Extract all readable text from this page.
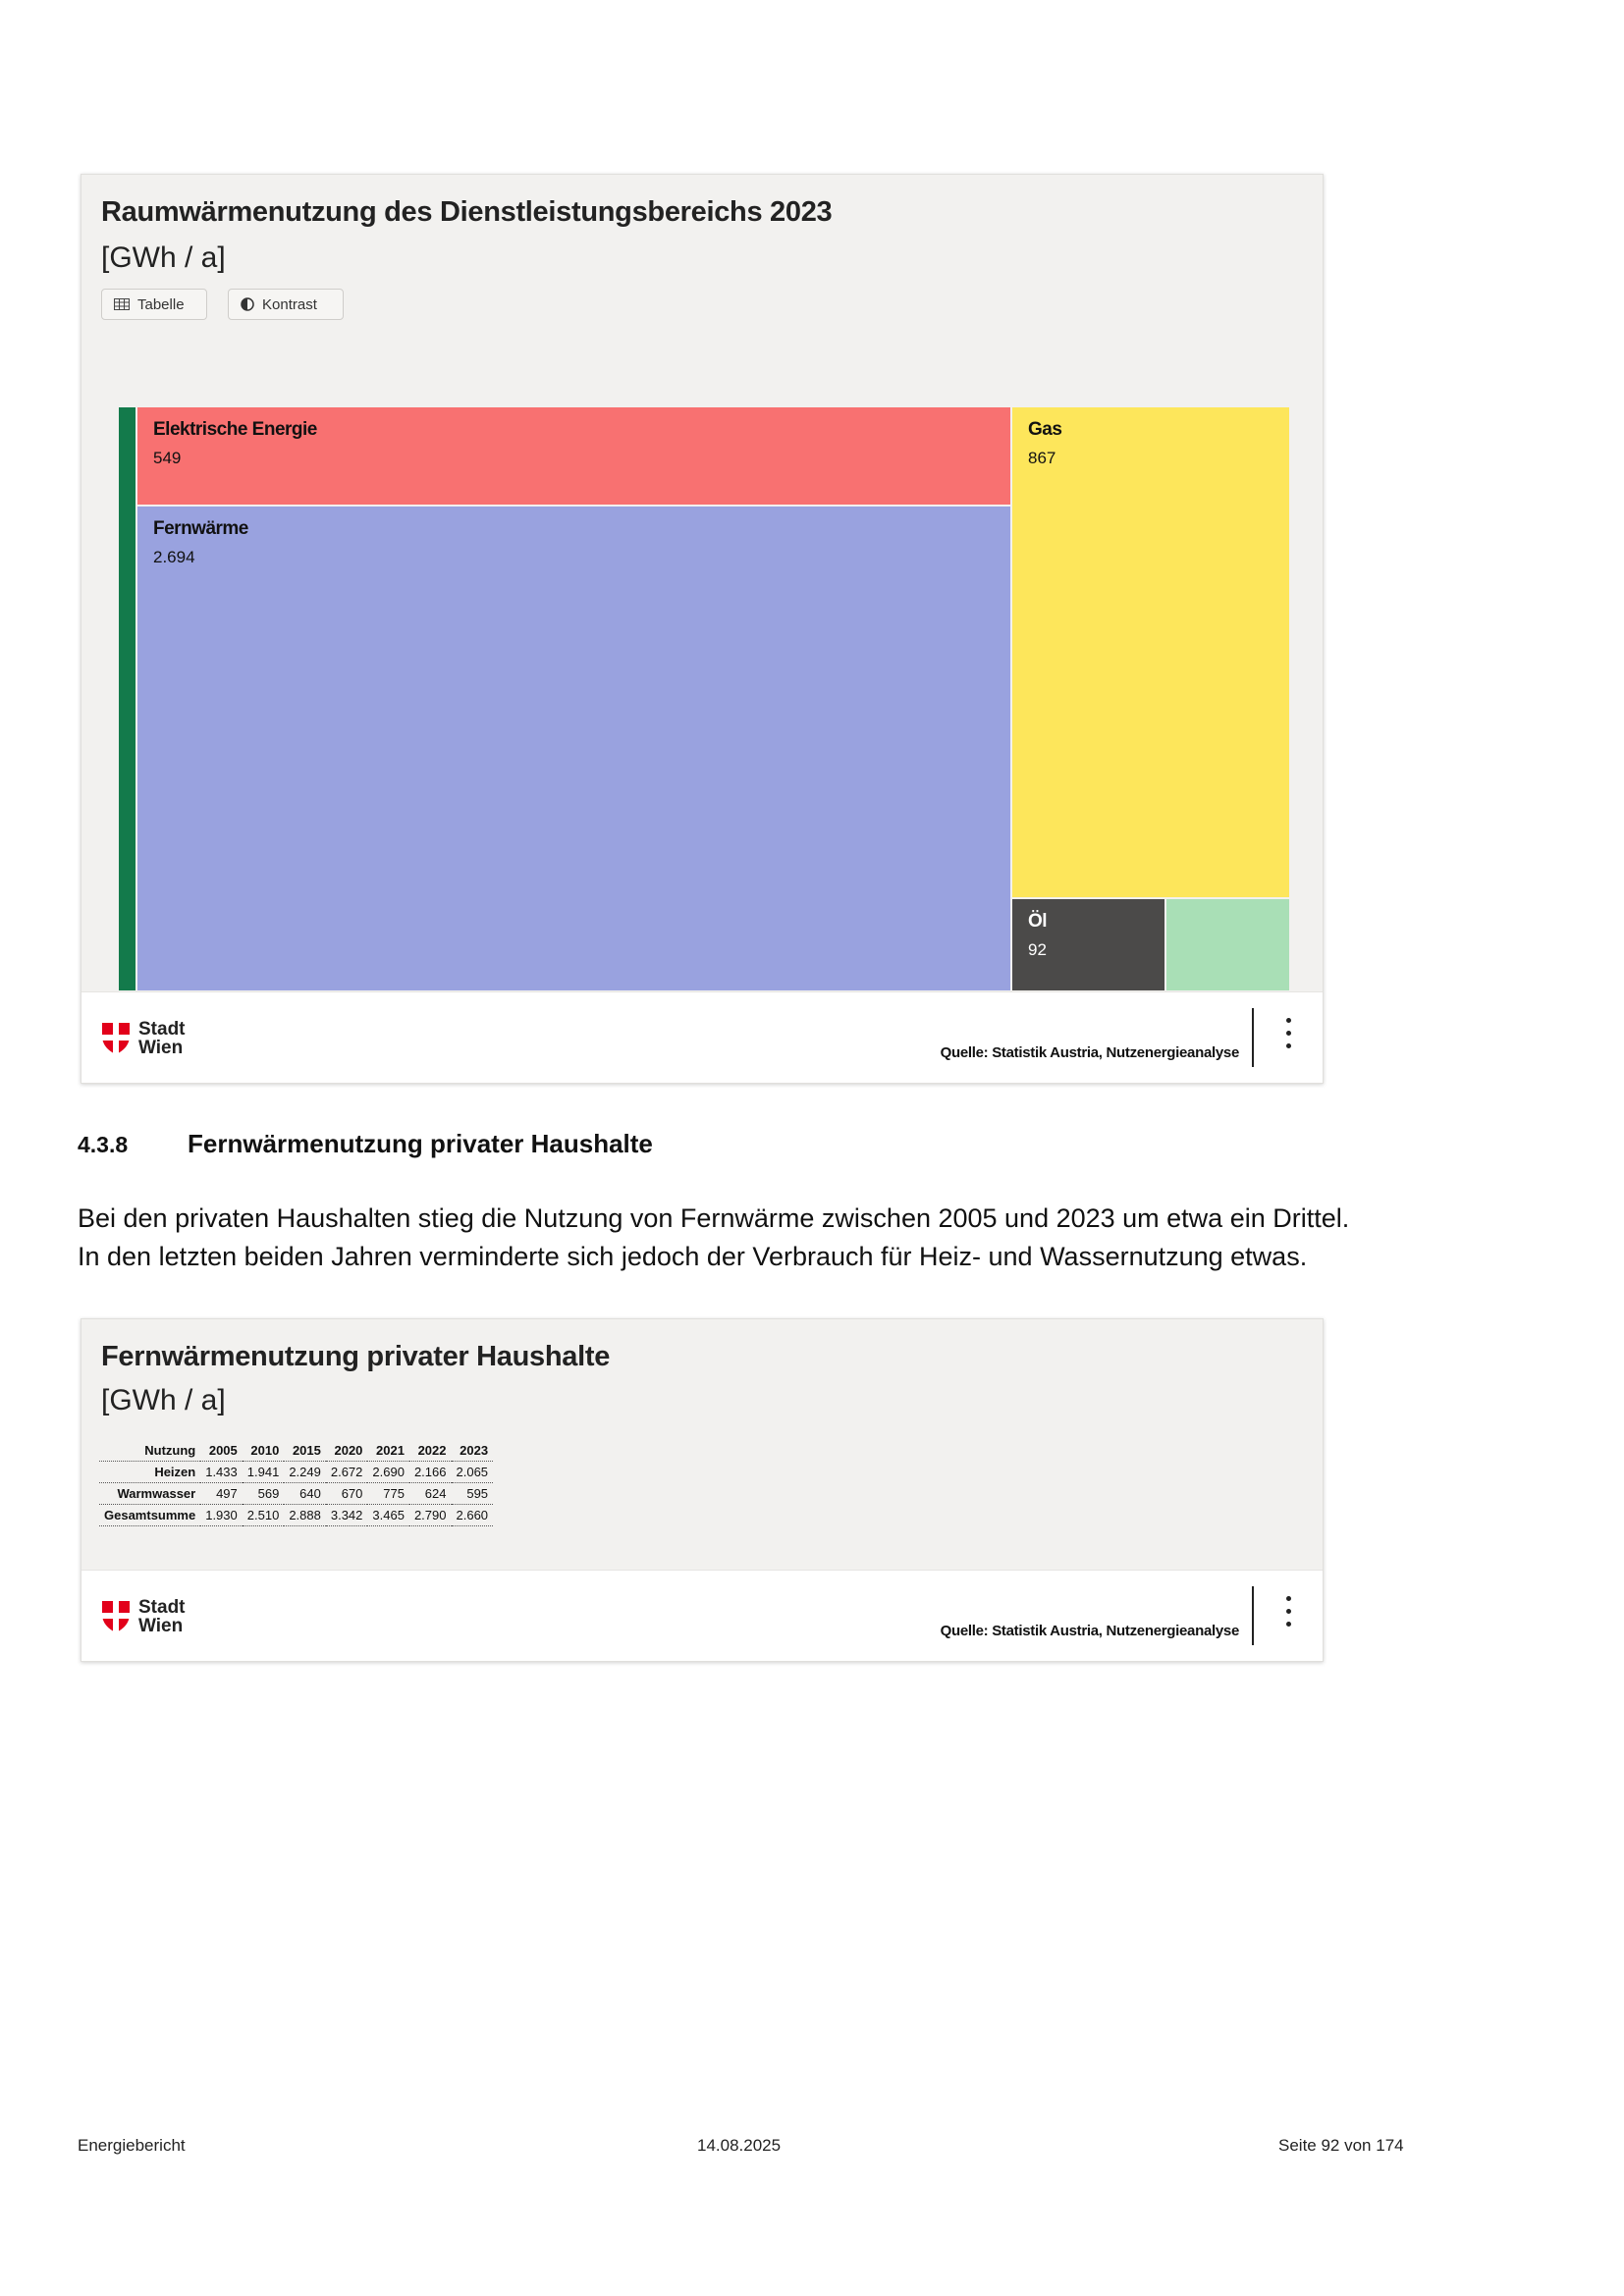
Raumwärmenutzung des Dienstleistungsbereichs 2023
[GWh / a]
Tabelle	Kontrast
Elektrische Energie
549
Fernwärme
2.694
Gas
867
Öl
92
Stadt
Wien	Quelle: Statistik Austria, Nutzenergieanalyse
4.3.8 Fernwärmenutzung privater Haushalte
Bei den privaten Haushalten stieg die Nutzung von Fernwärme zwischen 2005 und 2023 um etwa ein Drittel.
In den letzten beiden Jahren verminderte sich jedoch der Verbrauch für Heiz- und Wassernutzung etwas.
Fernwärmenutzung privater Haushalte
[GWh / a]
Nutzung	2005	2010	2015	2020	2021	2022	2023
Heizen	1.433	1.941	2.249	2.672	2.690	2.166	2.065
Warmwasser	497	569	640	670	775	624	595
Gesamtsumme	1.930	2.510	2.888	3.342	3.465	2.790	2.660
Stadt
Wien	Quelle: Statistik Austria, Nutzenergieanalyse
Energiebericht	14.08.2025	Seite 92 von 174
